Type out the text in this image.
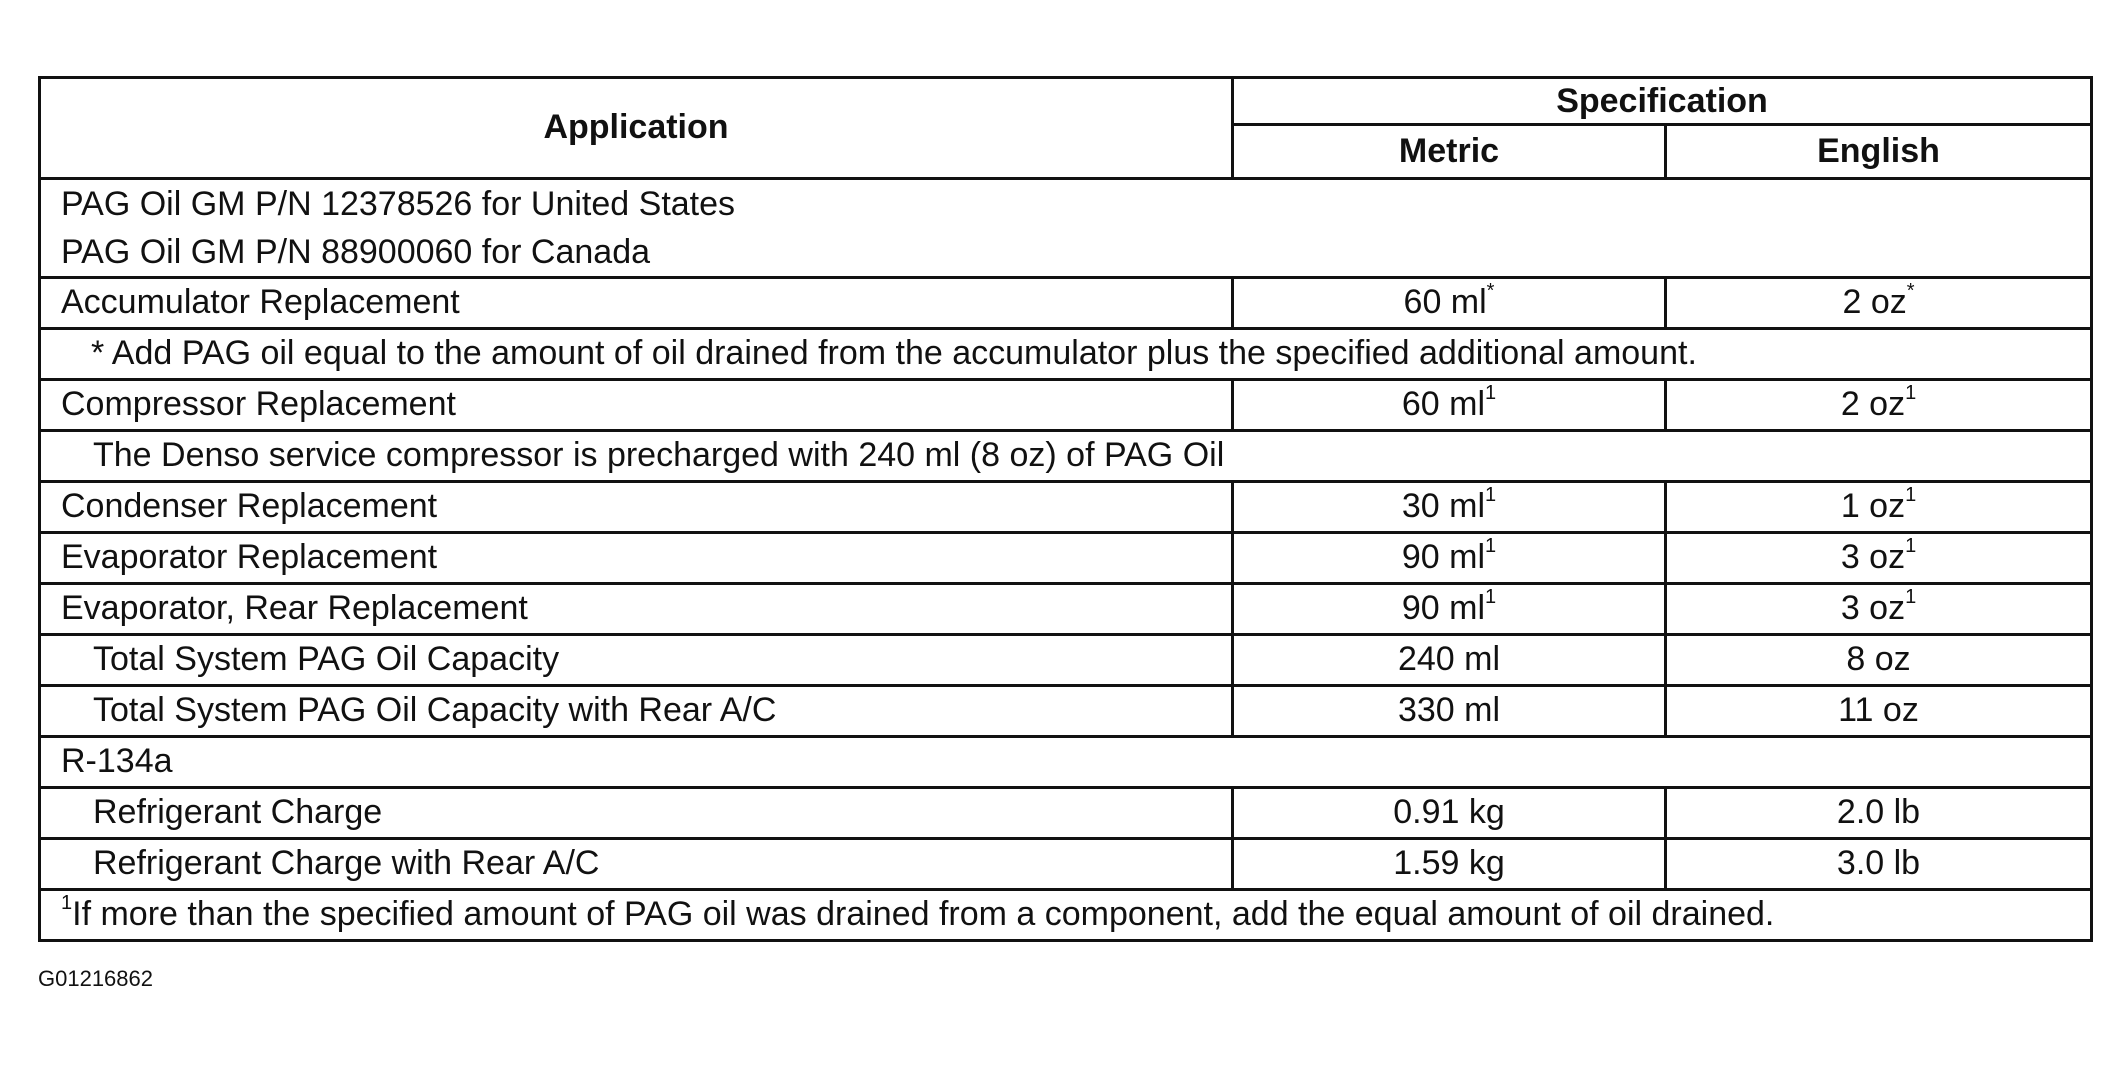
Application	Specification	
	Metric	English

PAG Oil GM P/N 12378526 for United States
PAG Oil GM P/N 88900060 for Canada		

Accumulator Replacement	60 ml*	2 oz*
* Add PAG oil equal to the amount of oil drained from the accumulator plus the specified additional amount.		
Compressor Replacement	60 $ml^1$	2 $oz^1$
The Denso service compressor is precharged with 240 ml (8 oz) of PAG Oil		
Condenser Replacement	30 $ml^1$	1 $oz^1$
Evaporator Replacement	90 $ml^1$	3 $oz^1$
Evaporator, Rear Replacement	90 $ml^1$	3 $oz^1$
Total System PAG Oil Capacity	240 ml	8 oz
Total System PAG Oil Capacity with Rear A/C	330 ml	11 oz
R-134a		
Refrigerant Charge	0.91 kg	2.0 lb
Refrigerant Charge with Rear A/C	1.59 kg	3.0 lb
$^1$If more than the specified amount of PAG oil was drained from a component, add the equal amount of oil drained.		
G01216862
